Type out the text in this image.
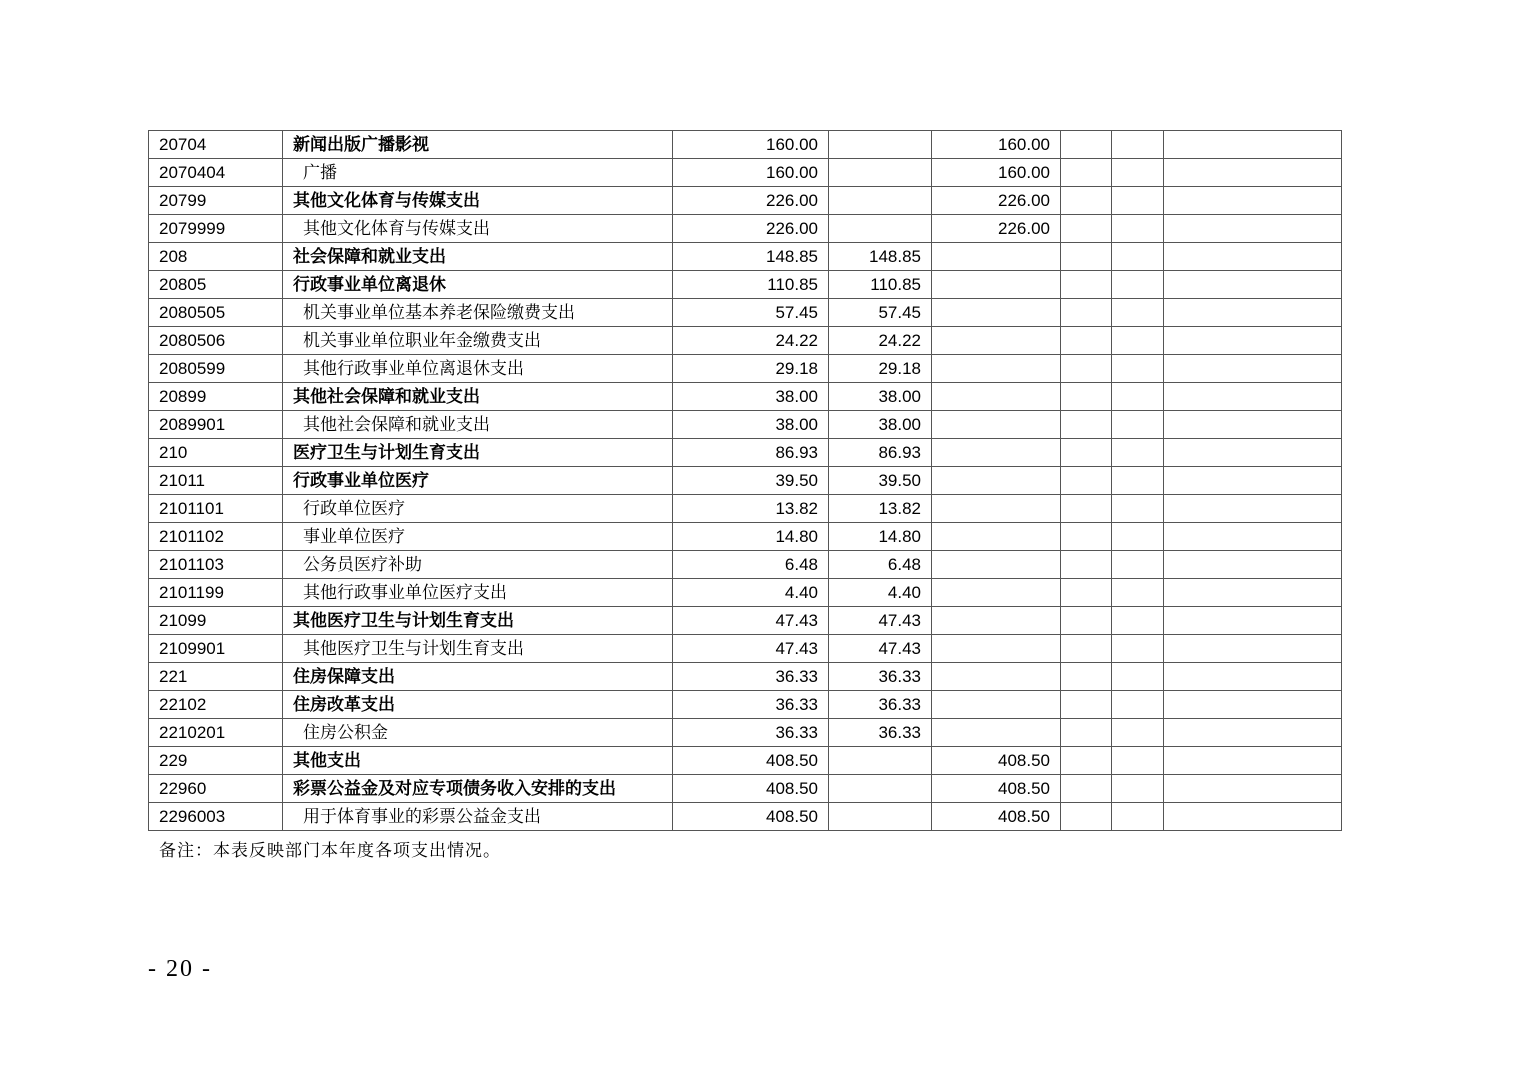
20704	新闻出版广播影视	160.00		160.00			
2070404	广播	160.00		160.00			
20799	其他文化体育与传媒支出	226.00		226.00			
2079999	其他文化体育与传媒支出	226.00		226.00			
208	社会保障和就业支出	148.85	148.85				
20805	行政事业单位离退休	110.85	110.85				
2080505	机关事业单位基本养老保险缴费支出	57.45	57.45				
2080506	机关事业单位职业年金缴费支出	24.22	24.22				
2080599	其他行政事业单位离退休支出	29.18	29.18				
20899	其他社会保障和就业支出	38.00	38.00				
2089901	其他社会保障和就业支出	38.00	38.00				
210	医疗卫生与计划生育支出	86.93	86.93				
21011	行政事业单位医疗	39.50	39.50				
2101101	行政单位医疗	13.82	13.82				
2101102	事业单位医疗	14.80	14.80				
2101103	公务员医疗补助	6.48	6.48				
2101199	其他行政事业单位医疗支出	4.40	4.40				
21099	其他医疗卫生与计划生育支出	47.43	47.43				
2109901	其他医疗卫生与计划生育支出	47.43	47.43				
221	住房保障支出	36.33	36.33				
22102	住房改革支出	36.33	36.33				
2210201	住房公积金	36.33	36.33				
229	其他支出	408.50		408.50			
22960	彩票公益金及对应专项债务收入安排的支出	408.50		408.50			
2296003	用于体育事业的彩票公益金支出	408.50		408.50			
备注：本表反映部门本年度各项支出情况。
- 20 -
